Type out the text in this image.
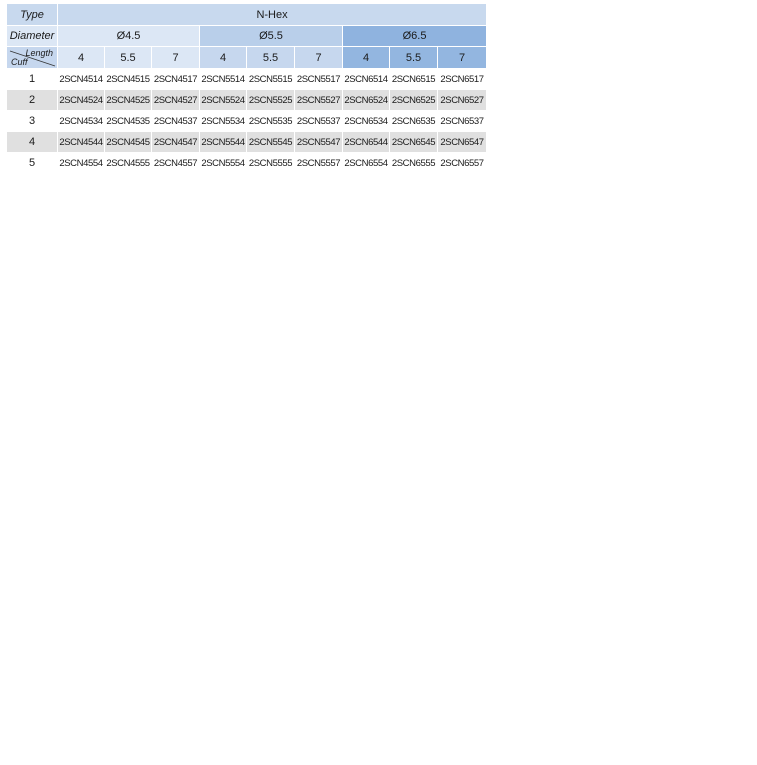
Type	N-Hex								
Diameter	Ø4.5			Ø5.5			Ø6.5		

Length
Cuff	4	5.5	7	4	5.5	7	4	5.5	7
1	2SCN4514	2SCN4515	2SCN4517	2SCN5514	2SCN5515	2SCN5517	2SCN6514	2SCN6515	2SCN6517
2	2SCN4524	2SCN4525	2SCN4527	2SCN5524	2SCN5525	2SCN5527	2SCN6524	2SCN6525	2SCN6527
3	2SCN4534	2SCN4535	2SCN4537	2SCN5534	2SCN5535	2SCN5537	2SCN6534	2SCN6535	2SCN6537
4	2SCN4544	2SCN4545	2SCN4547	2SCN5544	2SCN5545	2SCN5547	2SCN6544	2SCN6545	2SCN6547
5	2SCN4554	2SCN4555	2SCN4557	2SCN5554	2SCN5555	2SCN5557	2SCN6554	2SCN6555	2SCN6557
